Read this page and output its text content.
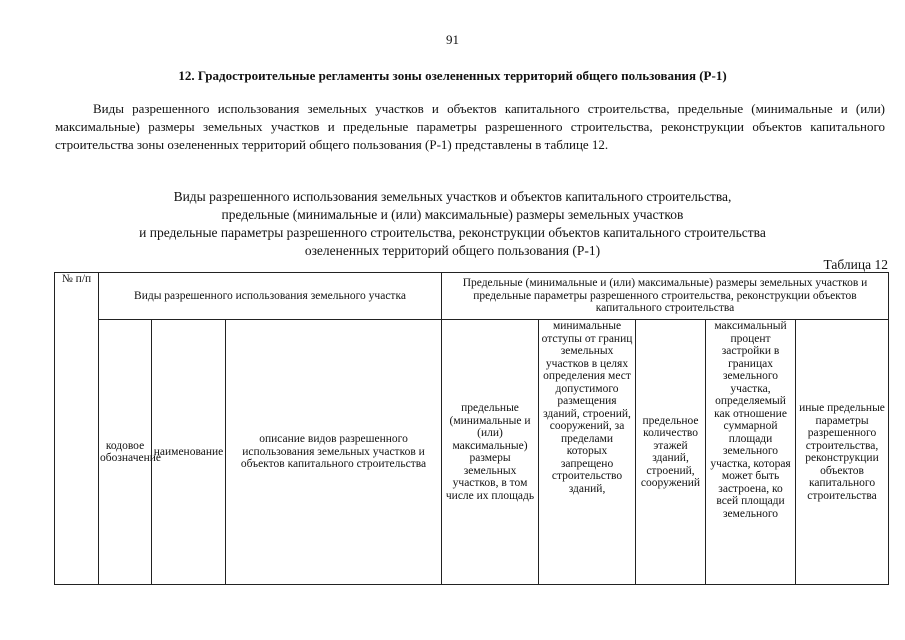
91
12. Градостроительные регламенты зоны озелененных территорий общего пользования (Р-1)

Виды разрешенного использования земельных участков и объектов капитального строительства, предельные (минимальные и (или) максимальные) размеры земельных участков и предельные параметры разрешенного строительства, реконструкции объектов капитального строительства зоны озелененных территорий общего пользования (Р-1) представлены в таблице 12.

Виды разрешенного использования земельных участков и объектов капитального строительства,
предельные (минимальные и (или) максимальные) размеры земельных участков
и предельные параметры разрешенного строительства, реконструкции объектов капитального строительства
озелененных территорий общего пользования (Р-1)
Таблица 12
№ п/п	Виды разрешенного использования земельного участка			Предельные (минимальные и (или) максимальные) размеры земельных участков и предельные параметры разрешенного строительства, реконструкции объектов капитального строительства				
	кодовое обозначение	наименование	описание видов разрешенного использования земельных участков и объектов капитального строительства	предельные (минимальные и (или) максимальные) размеры земельных участков, в том числе их площадь	минимальные отступы от границ земельных участков в целях определения мест допустимого размещения зданий, строений, сооружений, за пределами которых запрещено строительство зданий,	предельное количество этажей зданий, строений, сооружений	максимальный процент застройки в границах земельного участка, определяемый как отношение суммарной площади земельного участка, которая может быть застроена, ко всей площади земельного	иные предельные параметры разрешенного строительства, реконструкции объектов капитального строительства
